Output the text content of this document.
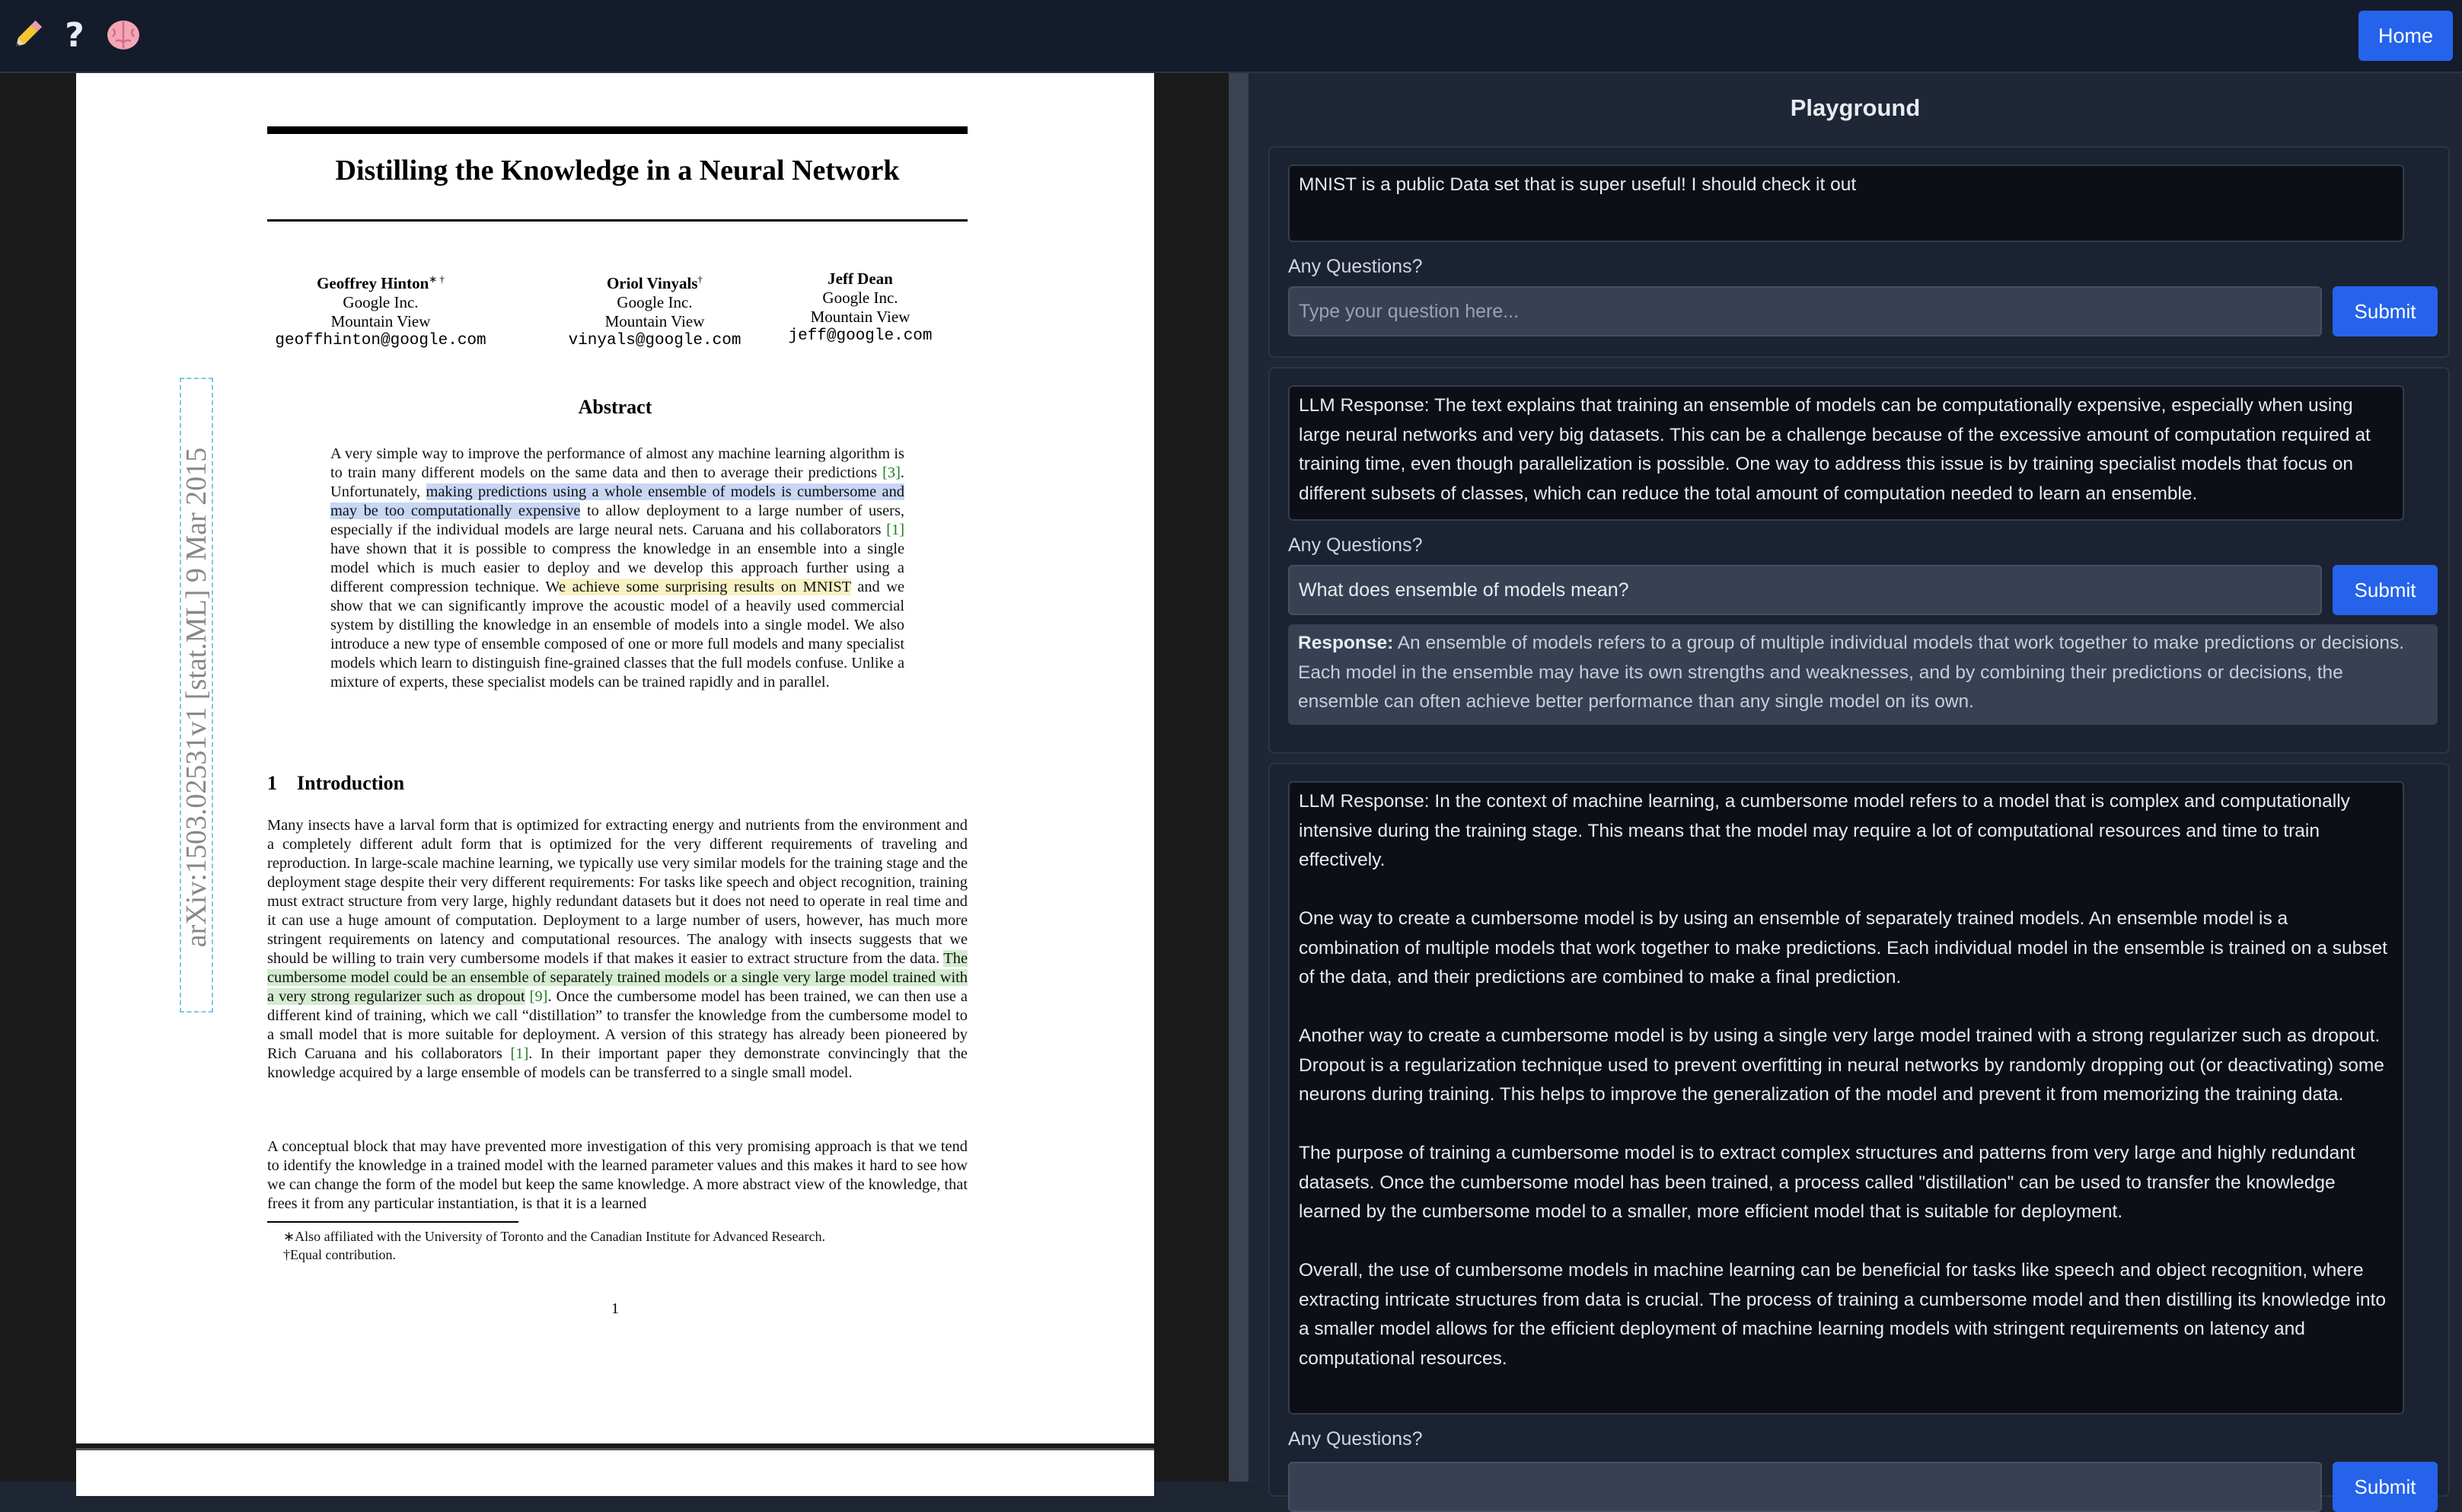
?	Home
arXiv:1503.02531v1 [stat.ML] 9 Mar 2015
Distilling the Knowledge in a Neural Network
Geoffrey Hinton∗ †
Google Inc.
Mountain View
geoffhinton@google.com
Oriol Vinyals†
Google Inc.
Mountain View
vinyals@google.com
Jeff Dean
Google Inc.
Mountain View
jeff@google.com
Abstract
A very simple way to improve the performance of almost any machine learning algorithm is to train many different models on the same data and then to average their predictions [3]. Unfortunately, making predictions using a whole ensemble of models is cumbersome and may be too computationally expensive to allow deployment to a large number of users, especially if the individual models are large neural nets. Caruana and his collaborators [1] have shown that it is possible to compress the knowledge in an ensemble into a single model which is much easier to deploy and we develop this approach further using a different compression technique. We achieve some surprising results on MNIST and we show that we can significantly improve the acoustic model of a heavily used commercial system by distilling the knowledge in an ensemble of models into a single model. We also introduce a new type of ensemble composed of one or more full models and many specialist models which learn to distinguish fine-grained classes that the full models confuse. Unlike a mixture of experts, these specialist models can be trained rapidly and in parallel.
1    Introduction
Many insects have a larval form that is optimized for extracting energy and nutrients from the environment and a completely different adult form that is optimized for the very different requirements of traveling and reproduction. In large-scale machine learning, we typically use very similar models for the training stage and the deployment stage despite their very different requirements: For tasks like speech and object recognition, training must extract structure from very large, highly redundant datasets but it does not need to operate in real time and it can use a huge amount of computation. Deployment to a large number of users, however, has much more stringent requirements on latency and computational resources. The analogy with insects suggests that we should be willing to train very cumbersome models if that makes it easier to extract structure from the data. The cumbersome model could be an ensemble of separately trained models or a single very large model trained with a very strong regularizer such as dropout [9]. Once the cumbersome model has been trained, we can then use a different kind of training, which we call “distillation” to transfer the knowledge from the cumbersome model to a small model that is more suitable for deployment. A version of this strategy has already been pioneered by Rich Caruana and his collaborators [1]. In their important paper they demonstrate convincingly that the knowledge acquired by a large ensemble of models can be transferred to a single small model.
A conceptual block that may have prevented more investigation of this very promising approach is that we tend to identify the knowledge in a trained model with the learned parameter values and this makes it hard to see how we can change the form of the model but keep the same knowledge. A more abstract view of the knowledge, that frees it from any particular instantiation, is that it is a learned
∗Also affiliated with the University of Toronto and the Canadian Institute for Advanced Research.
†Equal contribution.
1
Playground
MNIST is a public Data set that is super useful! I should check it out
Any Questions?
Type your question here...
Submit
LLM Response: The text explains that training an ensemble of models can be computationally expensive, especially when using large neural networks and very big datasets. This can be a challenge because of the excessive amount of computation required at training time, even though parallelization is possible. One way to address this issue is by training specialist models that focus on different subsets of classes, which can reduce the total amount of computation needed to learn an ensemble.
Any Questions?
What does ensemble of models mean?
Submit
Response: An ensemble of models refers to a group of multiple individual models that work together to make predictions or decisions. Each model in the ensemble may have its own strengths and weaknesses, and by combining their predictions or decisions, the ensemble can often achieve better performance than any single model on its own.
LLM Response: In the context of machine learning, a cumbersome model refers to a model that is complex and computationally intensive during the training stage. This means that the model may require a lot of computational resources and time to train effectively.

One way to create a cumbersome model is by using an ensemble of separately trained models. An ensemble model is a combination of multiple models that work together to make predictions. Each individual model in the ensemble is trained on a subset of the data, and their predictions are combined to make a final prediction.

Another way to create a cumbersome model is by using a single very large model trained with a strong regularizer such as dropout. Dropout is a regularization technique used to prevent overfitting in neural networks by randomly dropping out (or deactivating) some neurons during training. This helps to improve the generalization of the model and prevent it from memorizing the training data.

The purpose of training a cumbersome model is to extract complex structures and patterns from very large and highly redundant datasets. Once the cumbersome model has been trained, a process called "distillation" can be used to transfer the knowledge learned by the cumbersome model to a smaller, more efficient model that is suitable for deployment.

Overall, the use of cumbersome models in machine learning can be beneficial for tasks like speech and object recognition, where extracting intricate structures from data is crucial. The process of training a cumbersome model and then distilling its knowledge into a smaller model allows for the efficient deployment of machine learning models with stringent requirements on latency and computational resources.
Any Questions?
Submit
